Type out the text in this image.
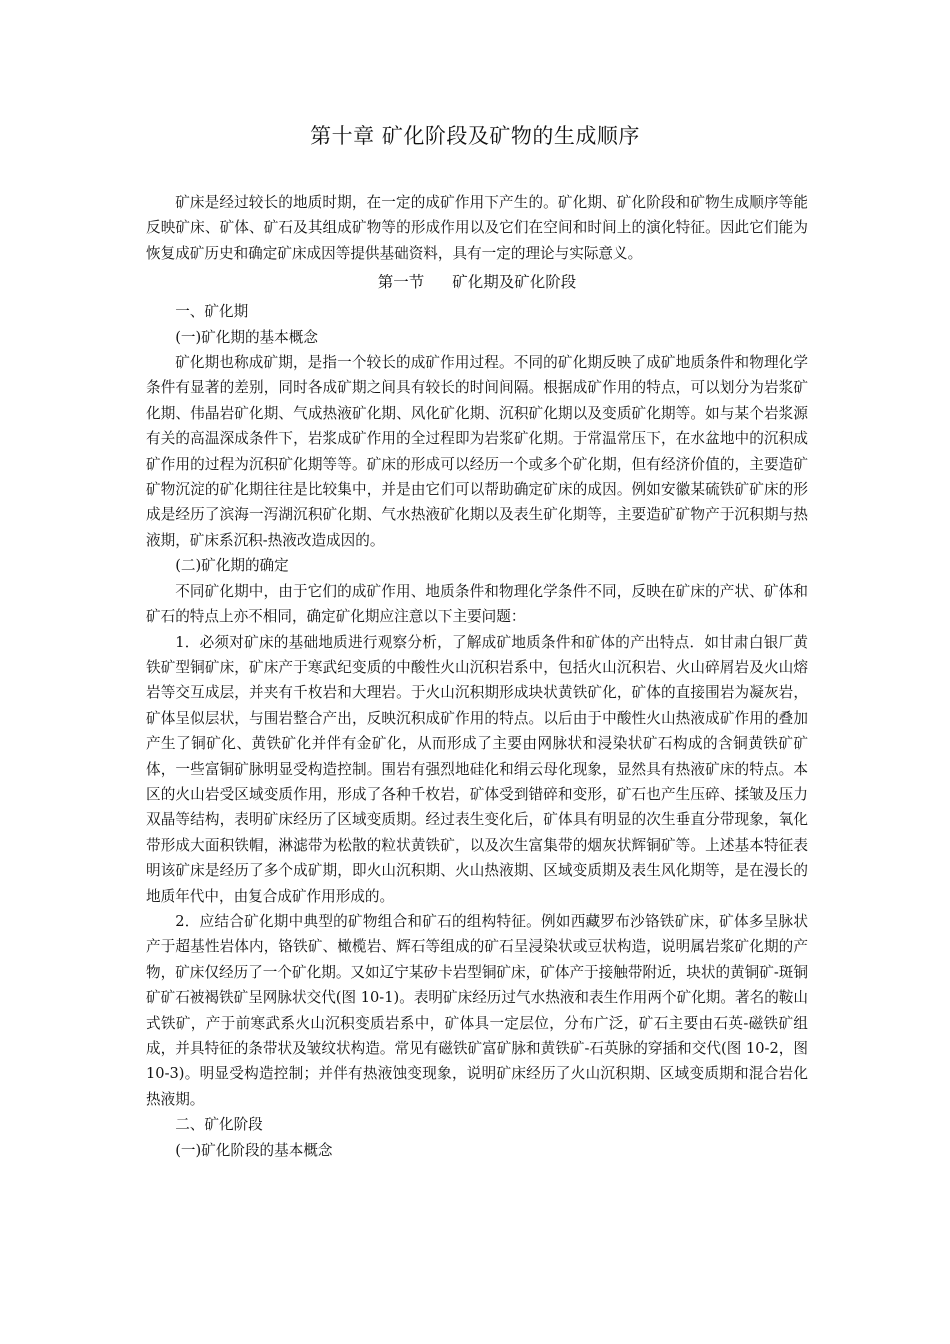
第十章 矿化阶段及矿物的生成顺序

矿床是经过较长的地质时期，在一定的成矿作用下产生的。矿化期、矿化阶段和矿物生成顺序等能反映矿床、矿体、矿石及其组成矿物等的形成作用以及它们在空间和时间上的演化特征。因此它们能为恢复成矿历史和确定矿床成因等提供基础资料，具有一定的理论与实际意义。

第一节 矿化期及矿化阶段

一、矿化期

(一)矿化期的基本概念

矿化期也称成矿期，是指一个较长的成矿作用过程。不同的矿化期反映了成矿地质条件和物理化学条件有显著的差别，同时各成矿期之间具有较长的时间间隔。根据成矿作用的特点，可以划分为岩浆矿化期、伟晶岩矿化期、气成热液矿化期、风化矿化期、沉积矿化期以及变质矿化期等。如与某个岩浆源有关的高温深成条件下，岩浆成矿作用的全过程即为岩浆矿化期。于常温常压下，在水盆地中的沉积成矿作用的过程为沉积矿化期等等。矿床的形成可以经历一个或多个矿化期，但有经济价值的，主要造矿矿物沉淀的矿化期往往是比较集中，并是由它们可以帮助确定矿床的成因。例如安徽某硫铁矿矿床的形成是经历了滨海一泻湖沉积矿化期、气水热液矿化期以及表生矿化期等，主要造矿矿物产于沉积期与热液期，矿床系沉积-热液改造成因的。

(二)矿化期的确定

不同矿化期中，由于它们的成矿作用、地质条件和物理化学条件不同，反映在矿床的产状、矿体和矿石的特点上亦不相同，确定矿化期应注意以下主要问题：

1．必须对矿床的基础地质进行观察分析，了解成矿地质条件和矿体的产出特点．如甘肃白银厂黄铁矿型铜矿床，矿床产于寒武纪变质的中酸性火山沉积岩系中，包括火山沉积岩、火山碎屑岩及火山熔岩等交互成层，并夹有千枚岩和大理岩。于火山沉积期形成块状黄铁矿化，矿体的直接围岩为凝灰岩，矿体呈似层状，与围岩整合产出，反映沉积成矿作用的特点。以后由于中酸性火山热液成矿作用的叠加产生了铜矿化、黄铁矿化并伴有金矿化，从而形成了主要由网脉状和浸染状矿石构成的含铜黄铁矿矿体，一些富铜矿脉明显受构造控制。围岩有强烈地硅化和绢云母化现象，显然具有热液矿床的特点。本区的火山岩受区域变质作用，形成了各种千枚岩，矿体受到错碎和变形，矿石也产生压碎、揉皱及压力双晶等结构，表明矿床经历了区域变质期。经过表生变化后，矿体具有明显的次生垂直分带现象，氧化带形成大面积铁帽，淋滤带为松散的粒状黄铁矿，以及次生富集带的烟灰状辉铜矿等。上述基本特征表明该矿床是经历了多个成矿期，即火山沉积期、火山热液期、区域变质期及表生风化期等，是在漫长的地质年代中，由复合成矿作用形成的。

2．应结合矿化期中典型的矿物组合和矿石的组构特征。例如西藏罗布沙铬铁矿床，矿体多呈脉状产于超基性岩体内，铬铁矿、橄榄岩、辉石等组成的矿石呈浸染状或豆状构造，说明属岩浆矿化期的产物，矿床仅经历了一个矿化期。又如辽宁某矽卡岩型铜矿床，矿体产于接触带附近，块状的黄铜矿-斑铜矿矿石被褐铁矿呈网脉状交代(图 10-1)。表明矿床经历过气水热液和表生作用两个矿化期。著名的鞍山式铁矿，产于前寒武系火山沉积变质岩系中，矿体具一定层位，分布广泛，矿石主要由石英-磁铁矿组成，并具特征的条带状及皱纹状构造。常见有磁铁矿富矿脉和黄铁矿-石英脉的穿插和交代(图 10-2，图 10-3)。明显受构造控制；并伴有热液蚀变现象，说明矿床经历了火山沉积期、区域变质期和混合岩化热液期。

二、矿化阶段

(一)矿化阶段的基本概念
